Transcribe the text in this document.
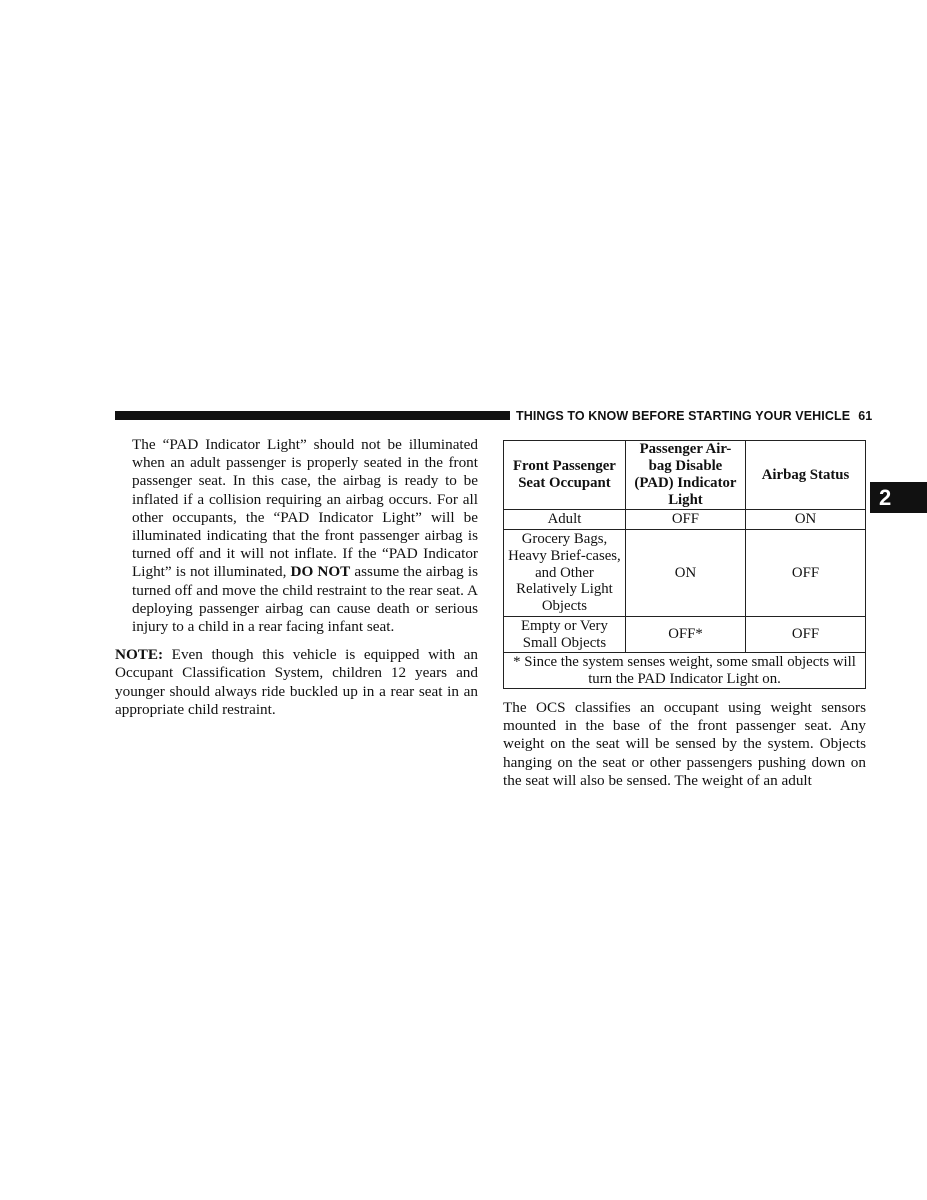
THINGS TO KNOW BEFORE STARTING YOUR VEHICLE 61
2

The “PAD Indicator Light” should not be illuminated when an adult passenger is properly seated in the front passenger seat. In this case, the airbag is ready to be inflated if a collision requiring an airbag occurs. For all other occupants, the “PAD Indicator Light” will be illuminated indicating that the front passenger airbag is turned off and it will not inflate. If the “PAD Indicator Light” is not illuminated, DO NOT assume the airbag is turned off and move the child restraint to the rear seat. A deploying passenger airbag can cause death or serious injury to a child in a rear facing infant seat.

NOTE: Even though this vehicle is equipped with an Occupant Classification System, children 12 years and younger should always ride buckled up in a rear seat in an appropriate child restraint.

Front Passenger Seat Occupant	Passenger Air-bag Disable (PAD) Indicator Light	Airbag Status
Adult	OFF	ON
Grocery Bags, Heavy Brief-cases, and Other Relatively Light Objects	ON	OFF
Empty or Very Small Objects	OFF*	OFF
* Since the system senses weight, some small objects will turn the PAD Indicator Light on.		

The OCS classifies an occupant using weight sensors mounted in the base of the front passenger seat. Any weight on the seat will be sensed by the system. Objects hanging on the seat or other passengers pushing down on the seat will also be sensed. The weight of an adult
